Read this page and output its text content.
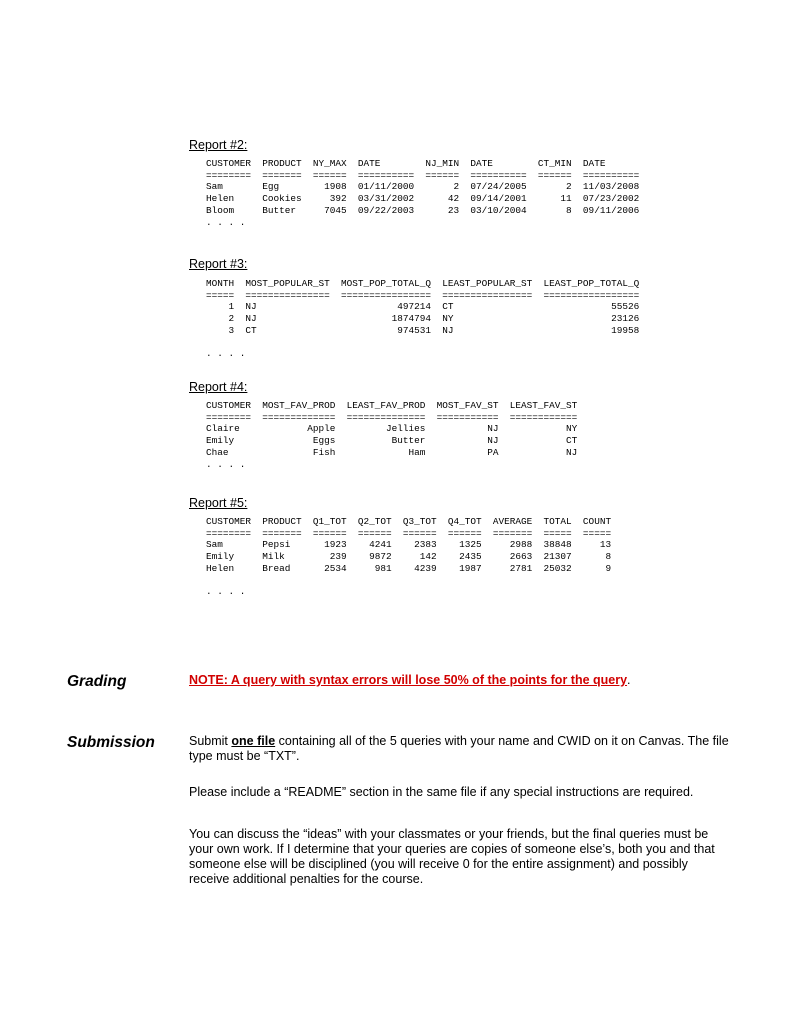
Report #2:
CUSTOMER  PRODUCT  NY_MAX  DATE        NJ_MIN  DATE        CT_MIN  DATE
========  =======  ======  ==========  ======  ==========  ======  ==========
Sam       Egg        1908  01/11/2000       2  07/24/2005       2  11/03/2008
Helen     Cookies     392  03/31/2002      42  09/14/2001      11  07/23/2002
Bloom     Butter     7045  09/22/2003      23  03/10/2004       8  09/11/2006
. . . .
Report #3:
MONTH  MOST_POPULAR_ST  MOST_POP_TOTAL_Q  LEAST_POPULAR_ST  LEAST_POP_TOTAL_Q
=====  ===============  ================  ================  =================
1  NJ                         497214  CT                            55526
2  NJ                        1874794  NY                            23126
3  CT                         974531  NJ                            19958

. . . .
Report #4:
CUSTOMER  MOST_FAV_PROD  LEAST_FAV_PROD  MOST_FAV_ST  LEAST_FAV_ST
========  =============  ==============  ===========  ============
Claire            Apple         Jellies           NJ            NY
Emily              Eggs          Butter           NJ            CT
Chae               Fish             Ham           PA            NJ
. . . .
Report #5:
CUSTOMER  PRODUCT  Q1_TOT  Q2_TOT  Q3_TOT  Q4_TOT  AVERAGE  TOTAL  COUNT
========  =======  ======  ======  ======  ======  =======  =====  =====
Sam       Pepsi      1923    4241    2383    1325     2988  38848     13
Emily     Milk        239    9872     142    2435     2663  21307      8
Helen     Bread      2534     981    4239    1987     2781  25032      9

. . . .
Grading	NOTE: A query with syntax errors will lose 50% of the points for the query.

Submission	Submit one file containing all of the 5 queries with your name and CWID on it on Canvas. The file type must be “TXT”.

Please include a “README” section in the same file if any special instructions are required.

You can discuss the “ideas” with your classmates or your friends, but the final queries must be your own work. If I determine that your queries are copies of someone else’s, both you and that someone else will be disciplined (you will receive 0 for the entire assignment) and possibly receive additional penalties for the course.
